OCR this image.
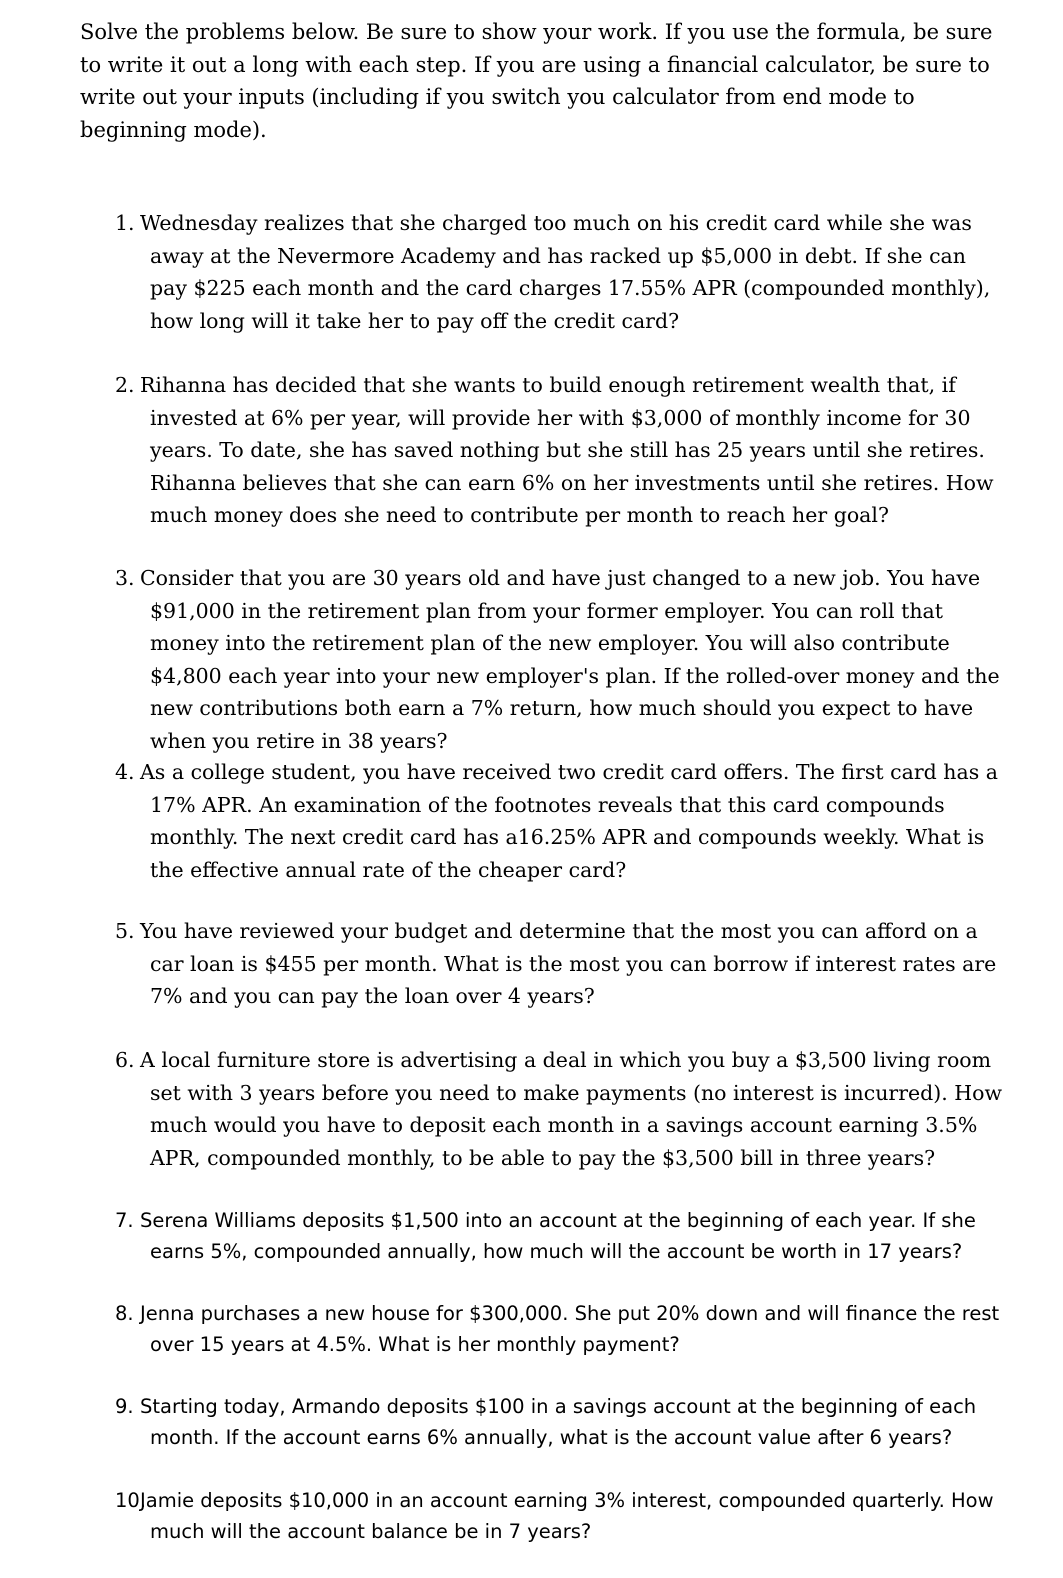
Solve the problems below. Be sure to show your work. If you use the formula, be sure to write it out a long with each step. If you are using a financial calculator, be sure to write out your inputs (including if you switch you calculator from end mode to beginning mode).

1. Wednesday realizes that she charged too much on his credit card while she was away at the Nevermore Academy and has racked up $5,000 in debt. If she can pay $225 each month and the card charges 17.55% APR (compounded monthly), how long will it take her to pay off the credit card?
2. Rihanna has decided that she wants to build enough retirement wealth that, if invested at 6% per year, will provide her with $3,000 of monthly income for 30 years. To date, she has saved nothing but she still has 25 years until she retires. Rihanna believes that she can earn 6% on her investments until she retires. How much money does she need to contribute per month to reach her goal?
3. Consider that you are 30 years old and have just changed to a new job. You have $91,000 in the retirement plan from your former employer. You can roll that money into the retirement plan of the new employer. You will also contribute $4,800 each year into your new employer's plan. If the rolled-over money and the new contributions both earn a 7% return, how much should you expect to have when you retire in 38 years?
4. As a college student, you have received two credit card offers. The first card has a 17% APR. An examination of the footnotes reveals that this card compounds monthly. The next credit card has a16.25% APR and compounds weekly. What is the effective annual rate of the cheaper card?
5. You have reviewed your budget and determine that the most you can afford on a car loan is $455 per month. What is the most you can borrow if interest rates are 7% and you can pay the loan over 4 years?
6. A local furniture store is advertising a deal in which you buy a $3,500 living room set with 3 years before you need to make payments (no interest is incurred). How much would you have to deposit each month in a savings account earning 3.5% APR, compounded monthly, to be able to pay the $3,500 bill in three years?
7. Serena Williams deposits $1,500 into an account at the beginning of each year. If she earns 5%, compounded annually, how much will the account be worth in 17 years?
8. Jenna purchases a new house for $300,000. She put 20% down and will finance the rest over 15 years at 4.5%. What is her monthly payment?
9. Starting today, Armando deposits $100 in a savings account at the beginning of each month. If the account earns 6% annually, what is the account value after 6 years?
10.
Jamie deposits $10,000 in an account earning 3% interest, compounded quarterly. How much will the account balance be in 7 years?
